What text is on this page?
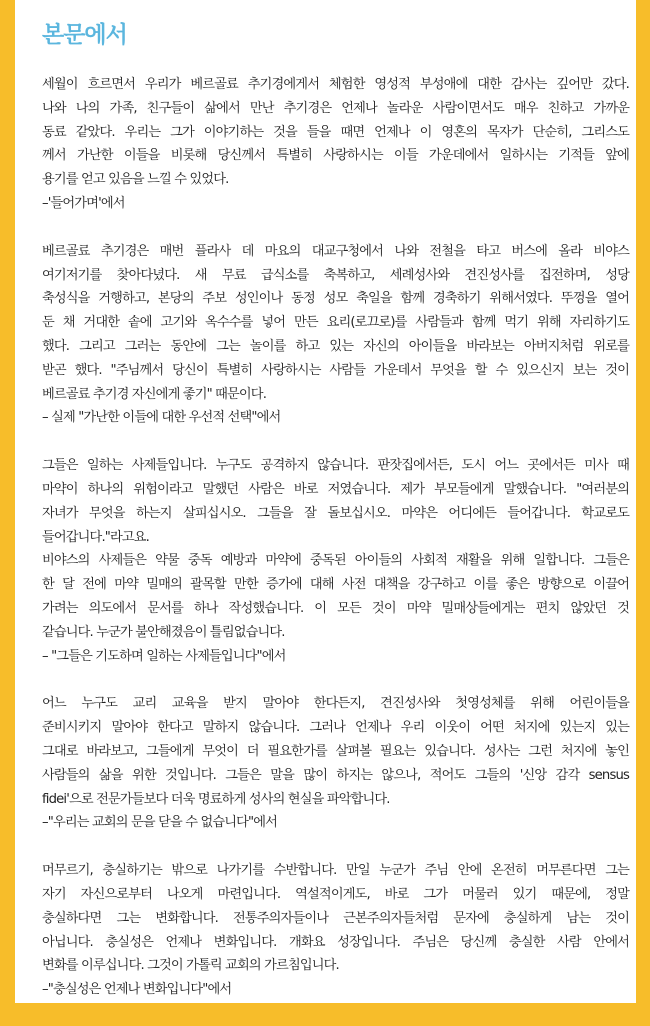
본문에서

세월이 흐르면서 우리가 베르골료 추기경에게서 체험한 영성적 부성애에 대한 감사는 깊어만 갔다.

나와 나의 가족, 친구들이 삶에서 만난 추기경은 언제나 놀라운 사람이면서도 매우 친하고 가까운

동료 같았다. 우리는 그가 이야기하는 것을 들을 때면 언제나 이 영혼의 목자가 단순히, 그리스도

께서 가난한 이들을 비롯해 당신께서 특별히 사랑하시는 이들 가운데에서 일하시는 기적들 앞에

용기를 얻고 있음을 느낄 수 있었다.

–'들어가며'에서

베르골료 추기경은 매번 플라사 데 마요의 대교구청에서 나와 전철을 타고 버스에 올라 비야스

여기저기를 찾아다녔다. 새 무료 급식소를 축복하고, 세례성사와 견진성사를 집전하며, 성당

축성식을 거행하고, 본당의 주보 성인이나 동정 성모 축일을 함께 경축하기 위해서였다. 뚜껑을 열어

둔 채 거대한 솥에 고기와 옥수수를 넣어 만든 요리(로끄로)를 사람들과 함께 먹기 위해 자리하기도

했다. 그리고 그러는 동안에 그는 놀이를 하고 있는 자신의 아이들을 바라보는 아버지처럼 위로를

받곤 했다. "주님께서 당신이 특별히 사랑하시는 사람들 가운데서 무엇을 할 수 있으신지 보는 것이

베르골료 추기경 자신에게 좋기" 때문이다.

– 실제 "가난한 이들에 대한 우선적 선택"에서

그들은 일하는 사제들입니다. 누구도 공격하지 않습니다. 판잣집에서든, 도시 어느 곳에서든 미사 때

마약이 하나의 위험이라고 말했던 사람은 바로 저였습니다. 제가 부모들에게 말했습니다. "여러분의

자녀가 무엇을 하는지 살피십시오. 그들을 잘 돌보십시오. 마약은 어디에든 들어갑니다. 학교로도

들어갑니다."라고요.

비야스의 사제들은 약물 중독 예방과 마약에 중독된 아이들의 사회적 재활을 위해 일합니다. 그들은

한 달 전에 마약 밀매의 괄목할 만한 증가에 대해 사전 대책을 강구하고 이를 좋은 방향으로 이끌어

가려는 의도에서 문서를 하나 작성했습니다. 이 모든 것이 마약 밀매상들에게는 편치 않았던 것

같습니다. 누군가 불안해졌음이 틀림없습니다.

– "그들은 기도하며 일하는 사제들입니다"에서

어느 누구도 교리 교육을 받지 말아야 한다든지, 견진성사와 첫영성체를 위해 어린이들을

준비시키지 말아야 한다고 말하지 않습니다. 그러나 언제나 우리 이웃이 어떤 처지에 있는지 있는

그대로 바라보고, 그들에게 무엇이 더 필요한가를 살펴볼 필요는 있습니다. 성사는 그런 처지에 놓인

사람들의 삶을 위한 것입니다. 그들은 말을 많이 하지는 않으나, 적어도 그들의 '신앙 감각 sensus

fidei'으로 전문가들보다 더욱 명료하게 성사의 현실을 파악합니다.

–"우리는 교회의 문을 닫을 수 없습니다"에서

머무르기, 충실하기는 밖으로 나가기를 수반합니다. 만일 누군가 주님 안에 온전히 머무른다면 그는

자기 자신으로부터 나오게 마련입니다. 역설적이게도, 바로 그가 머물러 있기 때문에, 정말

충실하다면 그는 변화합니다. 전통주의자들이나 근본주의자들처럼 문자에 충실하게 남는 것이

아닙니다. 충실성은 언제나 변화입니다. 개화요 성장입니다. 주님은 당신께 충실한 사람 안에서

변화를 이루십니다. 그것이 가톨릭 교회의 가르침입니다.

–"충실성은 언제나 변화입니다"에서
